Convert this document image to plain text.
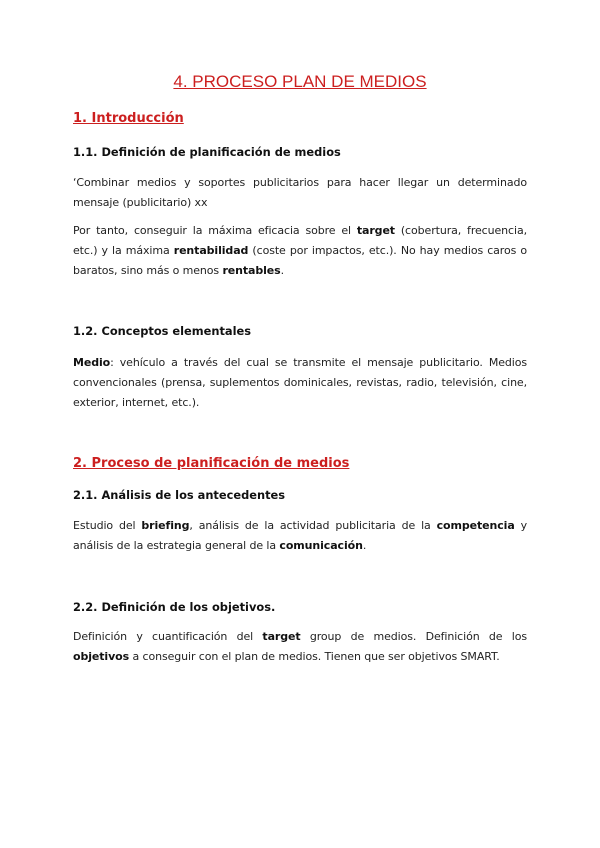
4. PROCESO PLAN DE MEDIOS
1. Introducción
1.1. Definición de planificación de medios

‘Combinar medios y soportes publicitarios para hacer llegar un determinado mensaje (publicitario) xx

Por tanto, conseguir la máxima eficacia sobre el target (cobertura, frecuencia, etc.) y la máxima rentabilidad (coste por impactos, etc.). No hay medios caros o baratos, sino más o menos rentables.

1.2. Conceptos elementales

Medio: vehículo a través del cual se transmite el mensaje publicitario. Medios convencionales (prensa, suplementos dominicales, revistas, radio, televisión, cine, exterior, internet, etc.).

2. Proceso de planificación de medios
2.1. Análisis de los antecedentes

Estudio del briefing, análisis de la actividad publicitaria de la competencia y análisis de la estrategia general de la comunicación.

2.2. Definición de los objetivos.

Definición y cuantificación del target group de medios. Definición de los objetivos a conseguir con el plan de medios. Tienen que ser objetivos SMART.
